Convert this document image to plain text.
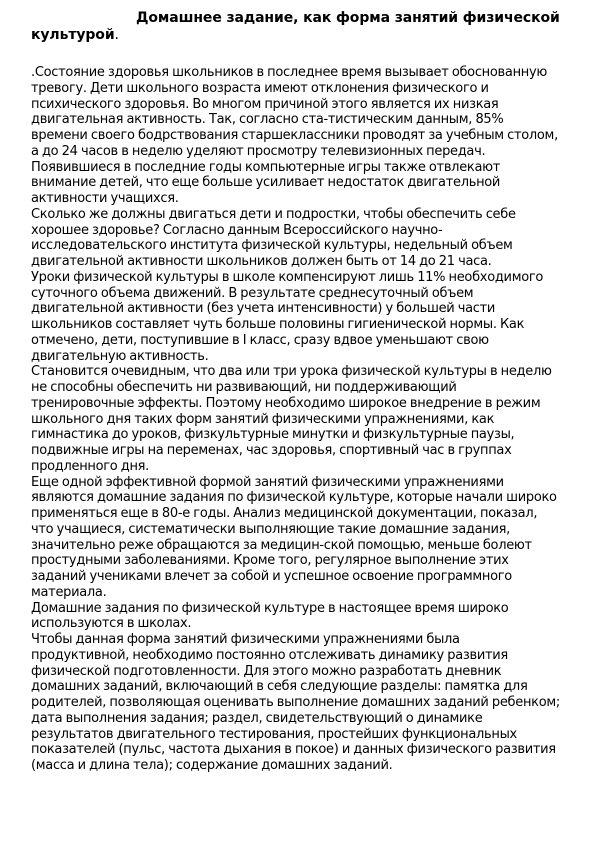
Домашнее задание, как форма занятий физической культурой.

.Состояние здоровья школьников в последнее время вызывает обоснованную тревогу. Дети школьного возраста имеют отклонения физического и психического здоровья. Во многом причиной этого является их низкая двигательная активность. Так, согласно ста-тистическим данным, 85% времени своего бодрствования старшеклассники проводят за учебным столом, а до 24 часов в неделю уделяют просмотру телевизионных передач. Появившиеся в последние годы компьютерные игры также отвлекают внимание детей, что еще больше усиливает недостаток двигательной активности учащихся.

Сколько же должны двигаться дети и подростки, чтобы обеспечить себе хорошее здоровье? Согласно данным Всероссийского научно-исследовательского института физической культуры, недельный объем двигательной активности школьников должен быть от 14 до 21 часа.

Уроки физической культуры в школе компенсируют лишь 11% необходимого суточного объема движений. В результате среднесуточный объем двигательной активности (без учета интенсивности) у большей части школьников составляет чуть больше половины гигиенической нормы. Как отмечено, дети, поступившие в I класс, сразу вдвое уменьшают свою двигательную активность.

Становится очевидным, что два или три урока физической культуры в неделю не способны обеспечить ни развивающий, ни поддерживающий тренировочные эффекты. Поэтому необходимо широкое внедрение в режим школьного дня таких форм занятий физическими упражнениями, как гимнастика до уроков, физкультурные минутки и физкультурные паузы, подвижные игры на переменах, час здоровья, спортивный час в группах продленного дня.

Еще одной эффективной формой занятий физическими упражнениями являются домашние задания по физической культуре, которые начали широко применяться еще в 80-е годы. Анализ медицинской документации, показал, что учащиеся, систематически выполняющие такие домашние задания, значительно реже обращаются за медицин-ской помощью, меньше болеют простудными заболеваниями. Кроме того, регулярное выполнение этих заданий учениками влечет за собой и успешное освоение программного материала.

Домашние задания по физической культуре в настоящее время широко используются в школах.

Чтобы данная форма занятий физическими упражнениями была продуктивной, необходимо постоянно отслеживать динамику развития физической подготовленности. Для этого можно разработать дневник домашних заданий, включающий в себя следующие разделы: памятка для родителей, позволяющая оценивать выполнение домашних заданий ребенком; дата выполнения задания; раздел, свидетельствующий о динамике результатов двигательного тестирования, простейших функциональных показателей (пульс, частота дыхания в покое) и данных физического развития (масса и длина тела); содержание домашних заданий.
